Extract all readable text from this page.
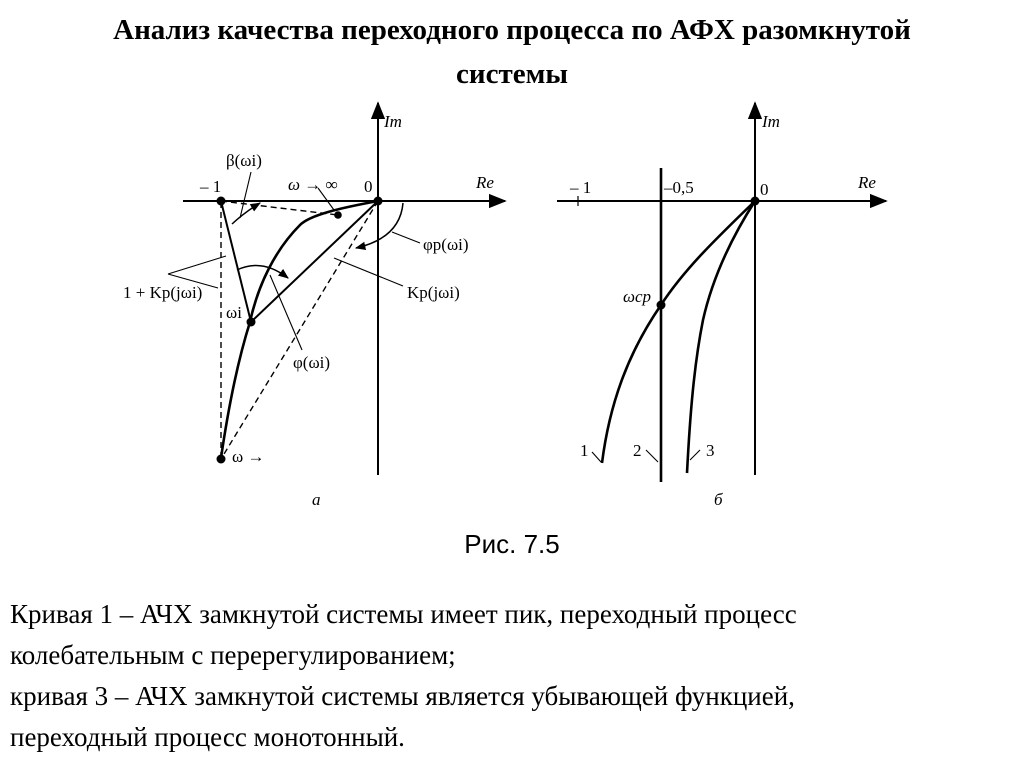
Анализ качества переходного процесса по АФХ разомкнутой
системы
Im
Re
0
– 1	ω → ∞
β(ωi)
φр(ωi)
1 + Kр(jωi)	Kр(jωi)
ωi
φ(ωi)
ω →
а
Im
Re
0
– 1	–0,5
ωср
1	2	3
б
Рис. 7.5

Кривая 1 – АЧХ замкнутой системы имеет пик, переходный процесс

колебательным с перерегулированием;

кривая 3 – АЧХ замкнутой системы является убывающей функцией,

переходный процесс монотонный.
